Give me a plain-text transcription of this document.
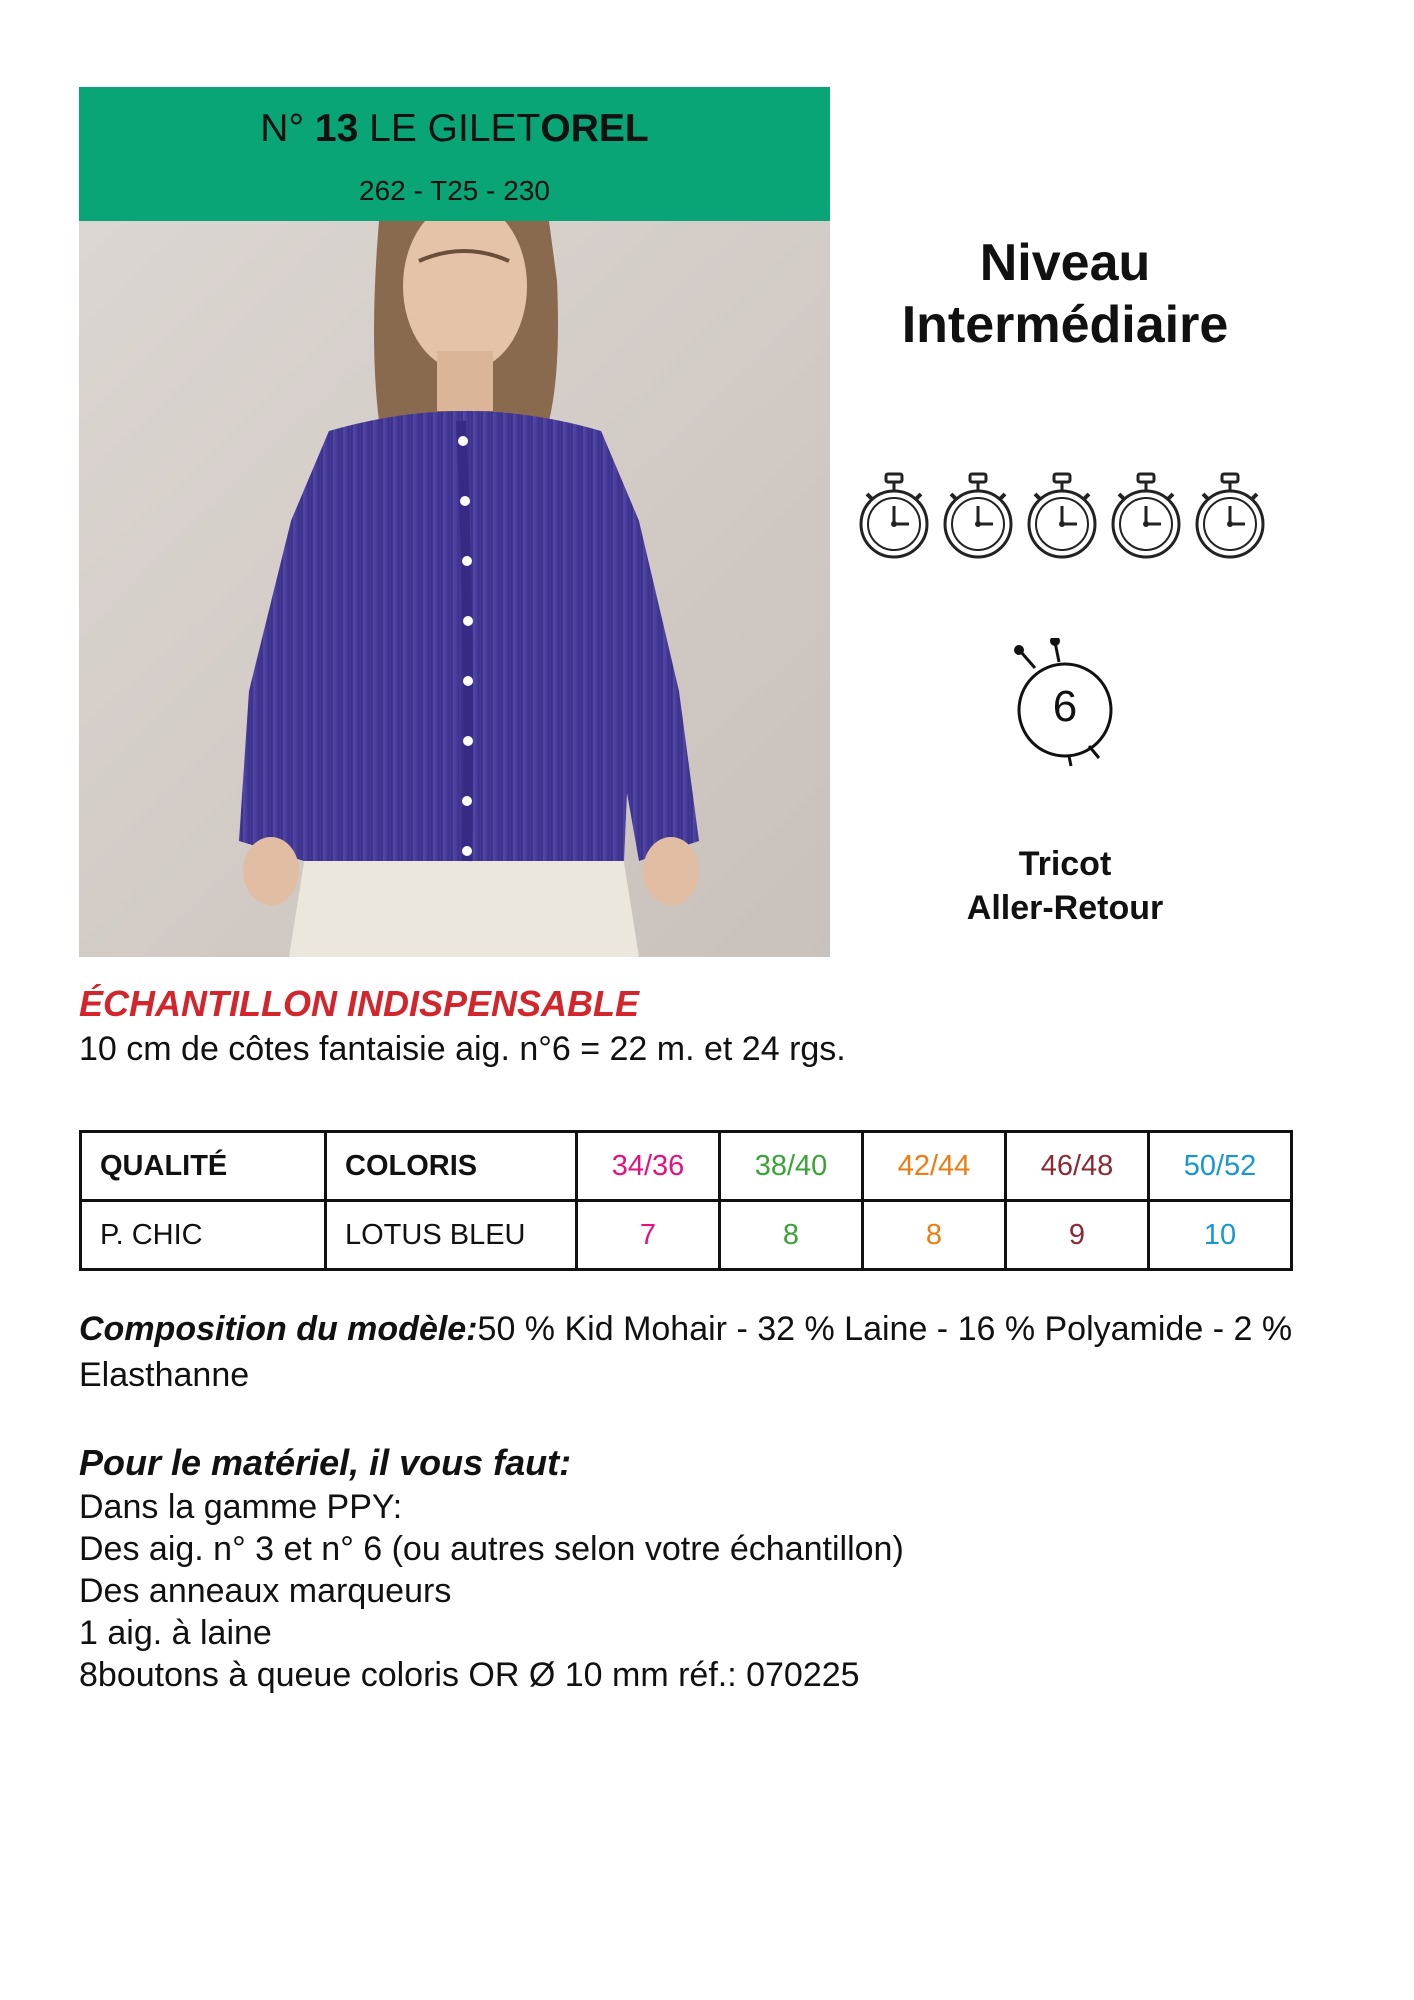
N° 13 LE GILETOREL
262 - T25 - 230
Niveau
Intermédiaire
6
Tricot
Aller-Retour
ÉCHANTILLON INDISPENSABLE
10 cm de côtes fantaisie aig. n°6 = 22 m. et 24 rgs.
QUALITÉ	COLORIS	34/36	38/40	42/44	46/48	50/52
P. CHIC	LOTUS BLEU	7	8	8	9	10
Composition du modèle:50 % Kid Mohair - 32 % Laine - 16 % Polyamide - 2 % Elasthanne
Pour le matériel, il vous faut:
Dans la gamme PPY:
Des aig. n° 3 et n° 6 (ou autres selon votre échantillon)
Des anneaux marqueurs
1 aig. à laine
8boutons à queue coloris OR Ø 10 mm réf.: 070225
